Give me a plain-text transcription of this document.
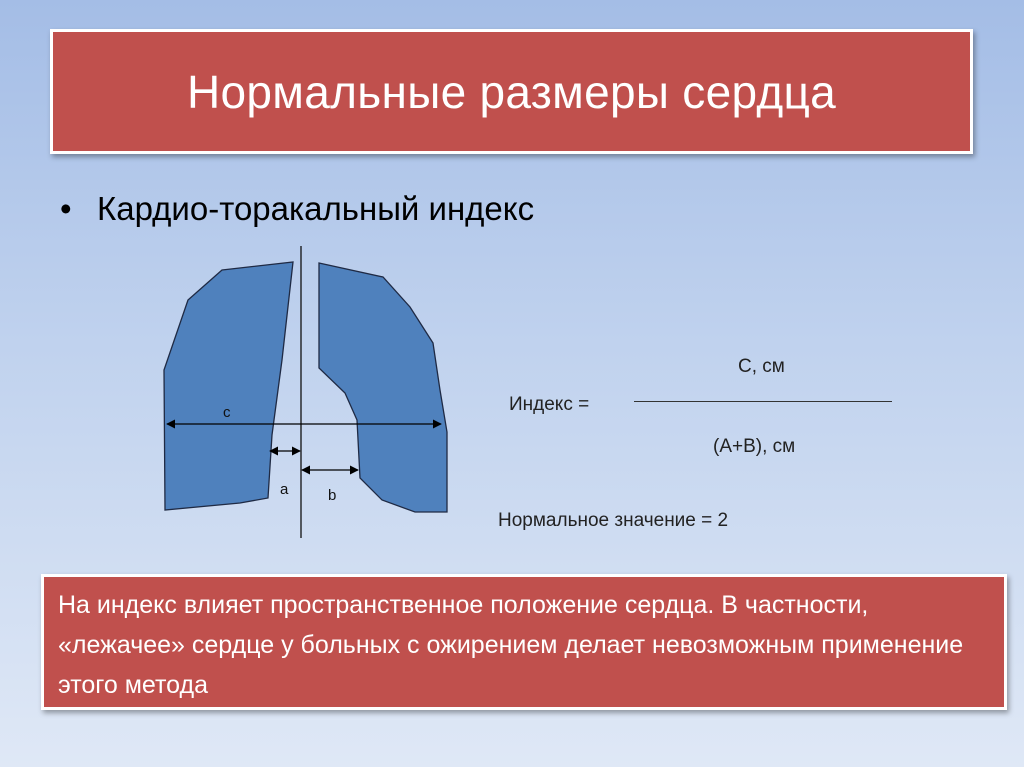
Нормальные размеры сердца
• Кардио-торакальный индекс
c
a	b
C, см
Индекс =
(A+B), см
Нормальное значение = 2

На индекс влияет пространственное положение сердца. В частности, «лежачее» сердце у больных с ожирением делает невозможным применение этого метода
